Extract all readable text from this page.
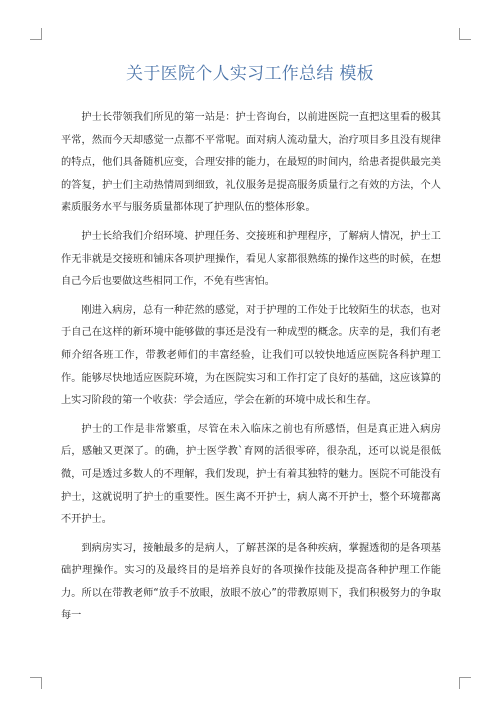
关于医院个人实习工作总结 模板

护士长带领我们所见的第一站是：护士咨询台，以前进医院一直把这里看的极其平常，然而今天却感觉一点都不平常呢。面对病人流动量大，治疗项目多且没有规律的特点，他们具备随机应变，合理安排的能力，在最短的时间内，给患者提供最完美的答复，护士们主动热情周到细致，礼仪服务是提高服务质量行之有效的方法，个人素质服务水平与服务质量都体现了护理队伍的整体形象。

护士长给我们介绍环境、护理任务、交接班和护理程序，了解病人情况，护士工作无非就是交接班和铺床各项护理操作，看见人家都很熟练的操作这些的时候，在想自己今后也要做这些相同工作，不免有些害怕。

刚进入病房，总有一种茫然的感觉，对于护理的工作处于比较陌生的状态，也对于自己在这样的新环境中能够做的事还是没有一种成型的概念。庆幸的是，我们有老师介绍各班工作，带教老师们的丰富经验，让我们可以较快地适应医院各科护理工作。能够尽快地适应医院环境，为在医院实习和工作打定了良好的基础，这应该算的上实习阶段的第一个收获：学会适应，学会在新的环境中成长和生存。

护士的工作是非常繁重，尽管在未入临床之前也有所感悟，但是真正进入病房后，感触又更深了。的确，护士医学教`育网的活很零碎，很杂乱，还可以说是很低微，可是透过多数人的不理解，我们发现，护士有着其独特的魅力。医院不可能没有护士，这就说明了护士的重要性。医生离不开护士，病人离不开护士，整个环境都离不开护士。

到病房实习，接触最多的是病人，了解甚深的是各种疾病，掌握透彻的是各项基础护理操作。实习的及最终目的是培养良好的各项操作技能及提高各种护理工作能力。所以在带教老师“放手不放眼，放眼不放心”的带教原则下，我们积极努力的争取每一
